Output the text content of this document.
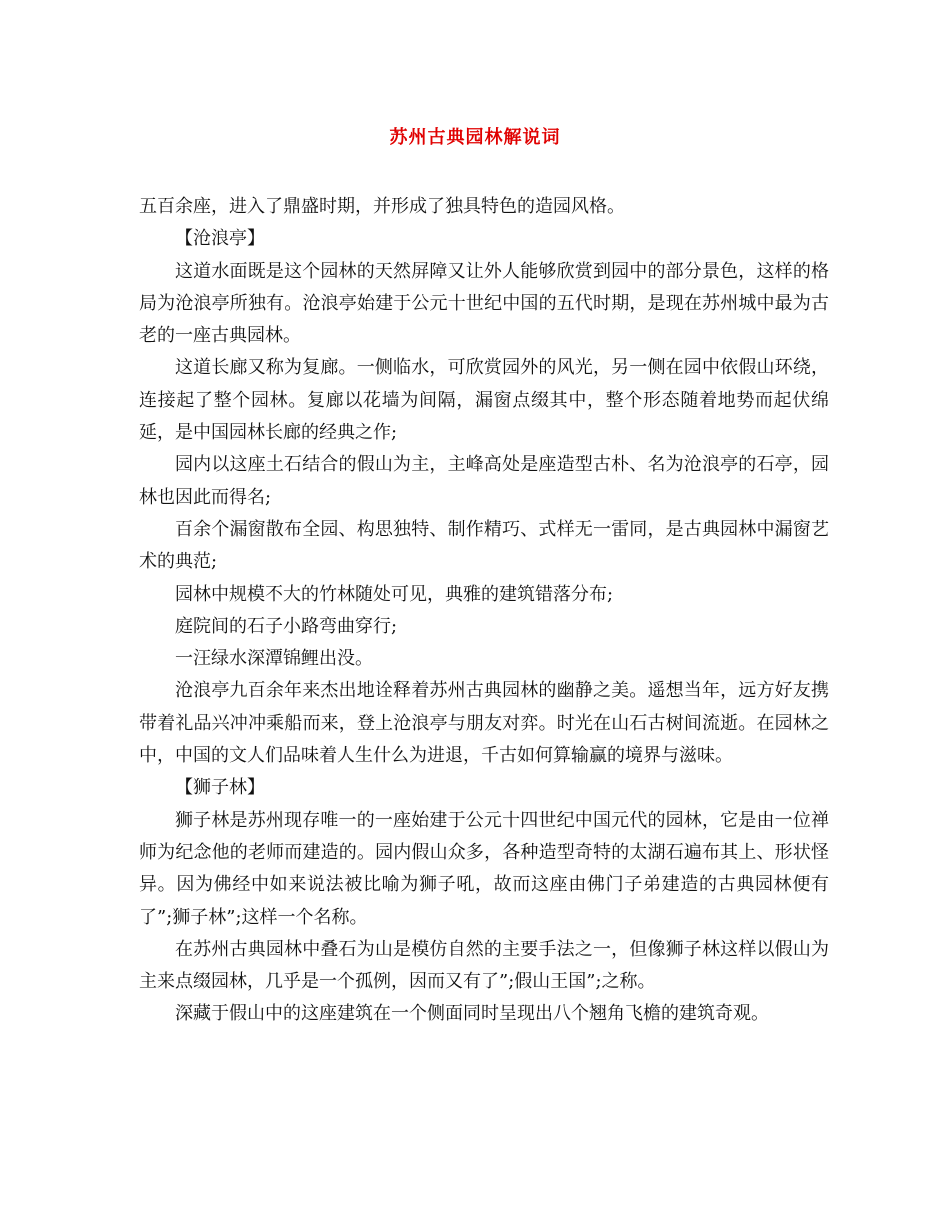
苏州古典园林解说词

五百余座，进入了鼎盛时期，并形成了独具特色的造园风格。

【沧浪亭】

这道水面既是这个园林的天然屏障又让外人能够欣赏到园中的部分景色，这样的格局为沧浪亭所独有。沧浪亭始建于公元十世纪中国的五代时期，是现在苏州城中最为古老的一座古典园林。

这道长廊又称为复廊。一侧临水，可欣赏园外的风光，另一侧在园中依假山环绕，连接起了整个园林。复廊以花墙为间隔，漏窗点缀其中，整个形态随着地势而起伏绵延，是中国园林长廊的经典之作;

园内以这座土石结合的假山为主，主峰高处是座造型古朴、名为沧浪亭的石亭，园林也因此而得名;

百余个漏窗散布全园、构思独特、制作精巧、式样无一雷同，是古典园林中漏窗艺术的典范;

园林中规模不大的竹林随处可见，典雅的建筑错落分布;

庭院间的石子小路弯曲穿行;

一汪绿水深潭锦鲤出没。

沧浪亭九百余年来杰出地诠释着苏州古典园林的幽静之美。遥想当年，远方好友携带着礼品兴冲冲乘船而来，登上沧浪亭与朋友对弈。时光在山石古树间流逝。在园林之中，中国的文人们品味着人生什么为进退，千古如何算输赢的境界与滋味。

【狮子林】

狮子林是苏州现存唯一的一座始建于公元十四世纪中国元代的园林，它是由一位禅师为纪念他的老师而建造的。园内假山众多，各种造型奇特的太湖石遍布其上、形状怪异。因为佛经中如来说法被比喻为狮子吼，故而这座由佛门子弟建造的古典园林便有了”;狮子林”;这样一个名称。

在苏州古典园林中叠石为山是模仿自然的主要手法之一，但像狮子林这样以假山为主来点缀园林，几乎是一个孤例，因而又有了”;假山王国”;之称。

深藏于假山中的这座建筑在一个侧面同时呈现出八个翘角飞檐的建筑奇观。
